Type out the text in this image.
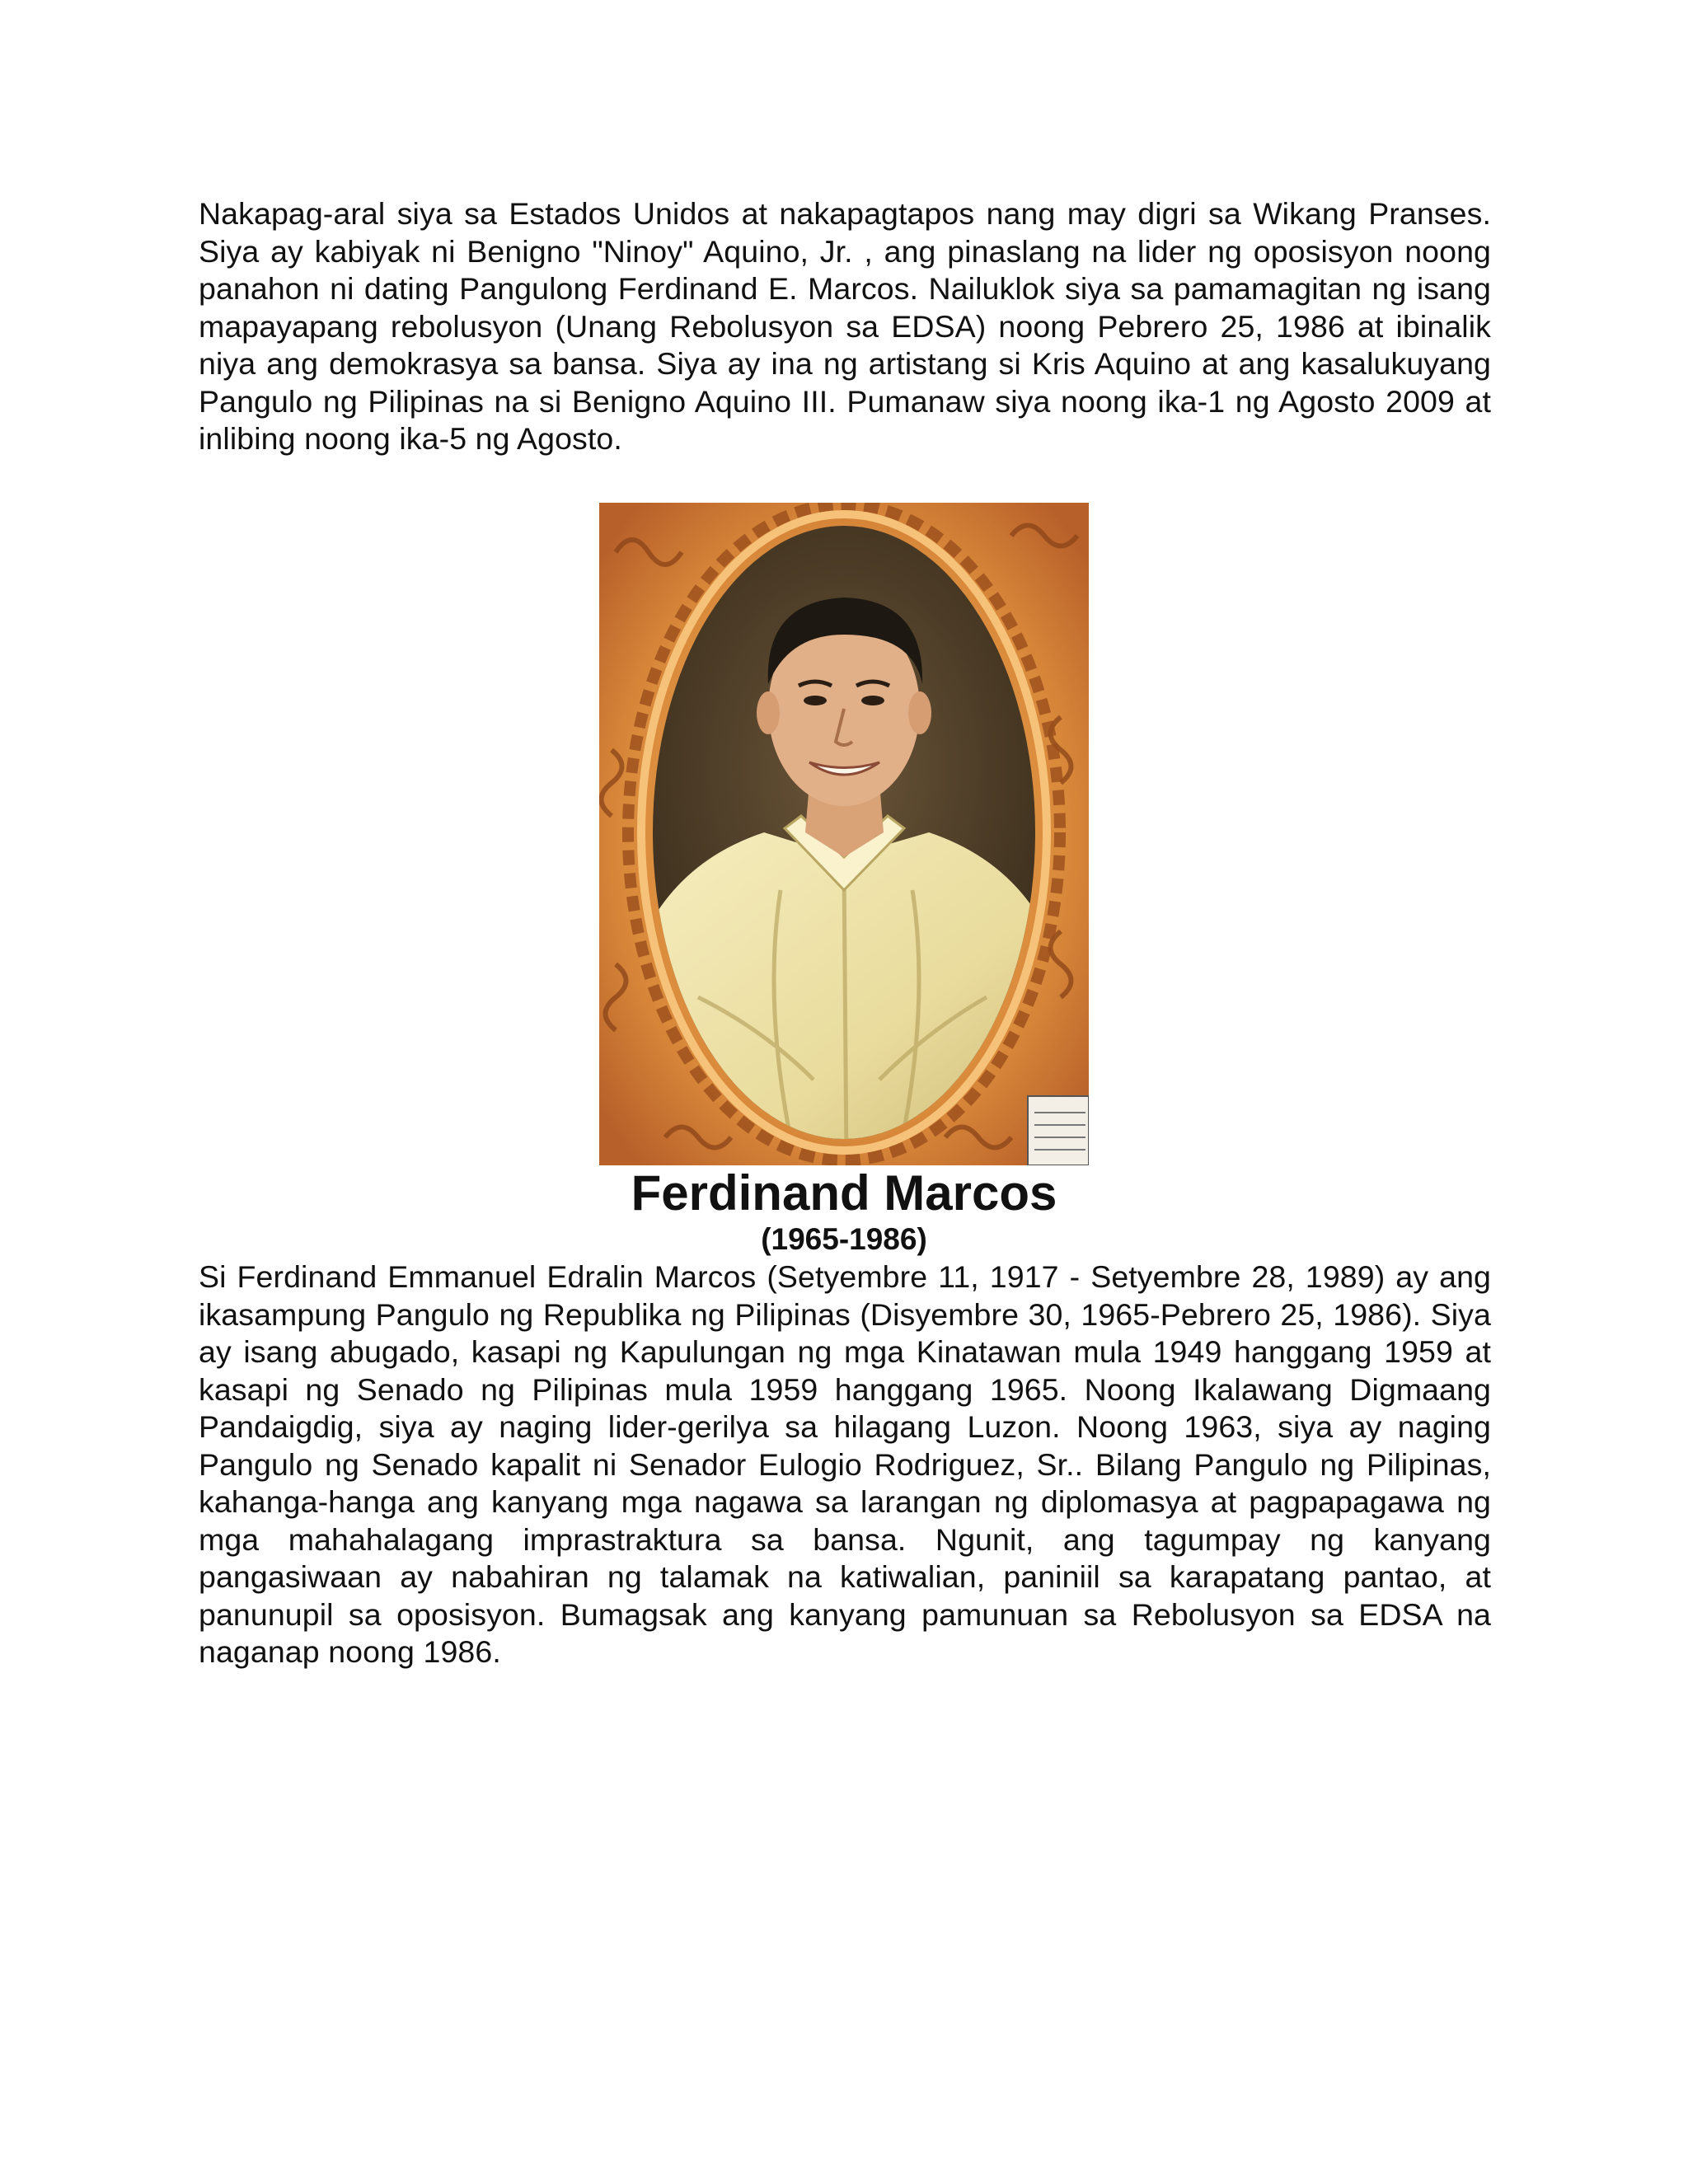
Nakapag-aral siya sa Estados Unidos at nakapagtapos nang may digri sa Wikang Pranses. Siya ay kabiyak ni Benigno "Ninoy" Aquino, Jr. , ang pinaslang na lider ng oposisyon noong panahon ni dating Pangulong Ferdinand E. Marcos. Nailuklok siya sa pamamagitan ng isang mapayapang rebolusyon (Unang Rebolusyon sa EDSA) noong Pebrero 25, 1986 at ibinalik niya ang demokrasya sa bansa. Siya ay ina ng artistang si Kris Aquino at ang kasalukuyang Pangulo ng Pilipinas na si Benigno Aquino III. Pumanaw siya noong ika-1 ng Agosto 2009 at inlibing noong ika-5 ng Agosto.

Ferdinand Marcos
(1965-1986)

Si Ferdinand Emmanuel Edralin Marcos (Setyembre 11, 1917 - Setyembre 28, 1989) ay ang ikasampung Pangulo ng Republika ng Pilipinas (Disyembre 30, 1965-Pebrero 25, 1986). Siya ay isang abugado, kasapi ng Kapulungan ng mga Kinatawan mula 1949 hanggang 1959 at kasapi ng Senado ng Pilipinas mula 1959 hanggang 1965. Noong Ikalawang Digmaang Pandaigdig, siya ay naging lider-gerilya sa hilagang Luzon. Noong 1963, siya ay naging Pangulo ng Senado kapalit ni Senador Eulogio Rodriguez, Sr.. Bilang Pangulo ng Pilipinas, kahanga-hanga ang kanyang mga nagawa sa larangan ng diplomasya at pagpapagawa ng mga mahahalagang imprastraktura sa bansa. Ngunit, ang tagumpay ng kanyang pangasiwaan ay nabahiran ng talamak na katiwalian, paniniil sa karapatang pantao, at panunupil sa oposisyon. Bumagsak ang kanyang pamunuan sa Rebolusyon sa EDSA na naganap noong 1986.
